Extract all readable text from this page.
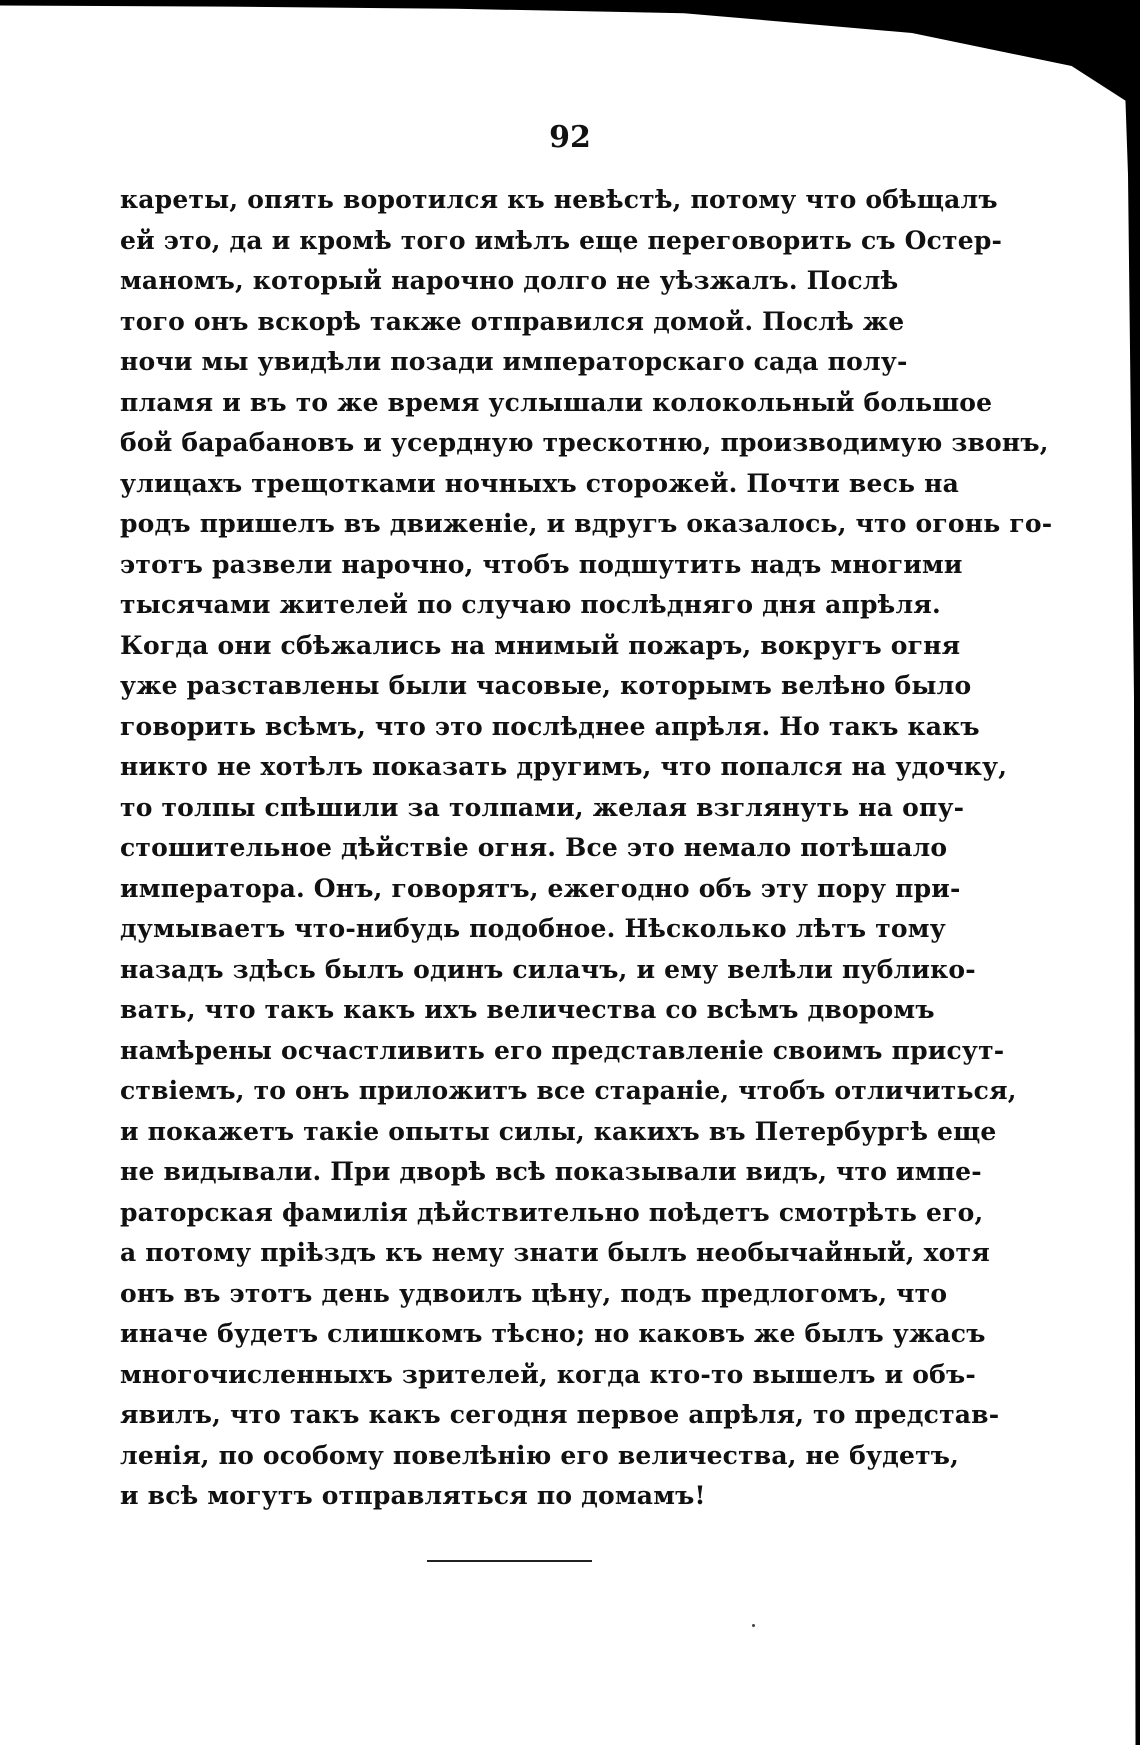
92
кареты, опять воротился къ невѣстѣ, потому что обѣщалъ
ей это, да и кромѣ того имѣлъ еще переговорить съ Остер-
маномъ, который нарочно долго не уѣзжалъ. Послѣ
того онъ вскорѣ также отправился домой. Послѣ же
ночи мы увидѣли позади императорскаго сада полу-
пламя и въ то же время услышали колокольный большое
бой барабановъ и усердную трескотню, производимую звонъ,
улицахъ трещотками ночныхъ сторожей. Почти весь на
родъ пришелъ въ движеніе, и вдругъ оказалось, что огонь го-
этотъ развели нарочно, чтобъ подшутить надъ многими
тысячами жителей по случаю послѣдняго дня апрѣля.
Когда они сбѣжались на мнимый пожаръ, вокругъ огня
уже разставлены были часовые, которымъ велѣно было
говорить всѣмъ, что это послѣднее апрѣля. Но такъ какъ
никто не хотѣлъ показать другимъ, что попался на удочку,
то толпы спѣшили за толпами, желая взглянуть на опу-
стошительное дѣйствіе огня. Все это немало потѣшало
императора. Онъ, говорятъ, ежегодно объ эту пору при-
думываетъ что-нибудь подобное. Нѣсколько лѣтъ тому
назадъ здѣсь былъ одинъ силачъ, и ему велѣли публико-
вать, что такъ какъ ихъ величества со всѣмъ дворомъ
намѣрены осчастливить его представленіе своимъ присут-
ствіемъ, то онъ приложитъ все стараніе, чтобъ отличиться,
и покажетъ такіе опыты силы, какихъ въ Петербургѣ еще
не видывали. При дворѣ всѣ показывали видъ, что импе-
раторская фамилія дѣйствительно поѣдетъ смотрѣть его,
а потому пріѣздъ къ нему знати былъ необычайный, хотя
онъ въ этотъ день удвоилъ цѣну, подъ предлогомъ, что
иначе будетъ слишкомъ тѣсно; но каковъ же былъ ужасъ
многочисленныхъ зрителей, когда кто-то вышелъ и объ-
явилъ, что такъ какъ сегодня первое апрѣля, то представ-
ленія, по особому повелѣнію его величества, не будетъ,
и всѣ могутъ отправляться по домамъ!
